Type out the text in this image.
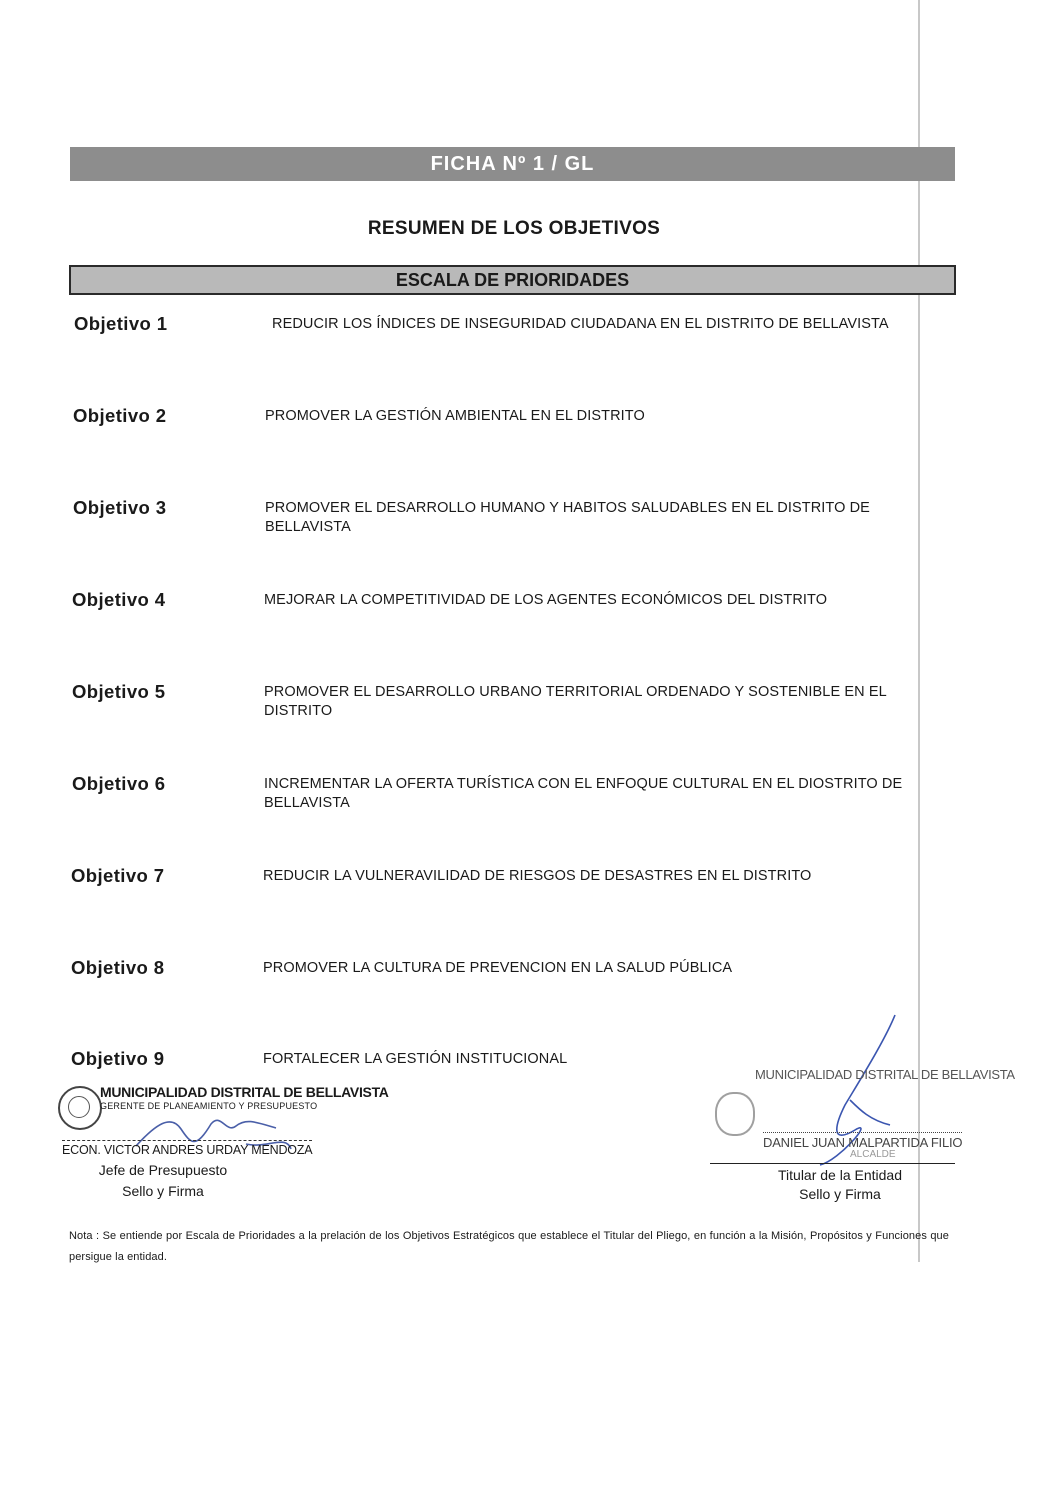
FICHA Nº 1 / GL
RESUMEN DE LOS OBJETIVOS
ESCALA DE PRIORIDADES
Objetivo 1	REDUCIR LOS ÍNDICES DE INSEGURIDAD CIUDADANA EN EL DISTRITO DE BELLAVISTA
Objetivo 2	PROMOVER LA GESTIÓN AMBIENTAL EN EL DISTRITO
Objetivo 3	PROMOVER EL DESARROLLO HUMANO Y HABITOS SALUDABLES EN EL DISTRITO DE BELLAVISTA
Objetivo 4	MEJORAR LA COMPETITIVIDAD DE LOS AGENTES ECONÓMICOS DEL DISTRITO
Objetivo 5	PROMOVER EL DESARROLLO URBANO TERRITORIAL ORDENADO Y SOSTENIBLE EN EL DISTRITO
Objetivo 6	INCREMENTAR LA OFERTA TURÍSTICA CON EL ENFOQUE CULTURAL EN EL DIOSTRITO DE BELLAVISTA
Objetivo 7	REDUCIR LA VULNERAVILIDAD DE RIESGOS DE DESASTRES EN EL DISTRITO
Objetivo 8	PROMOVER LA CULTURA DE PREVENCION EN LA SALUD PÚBLICA
Objetivo 9	FORTALECER LA GESTIÓN INSTITUCIONAL
MUNICIPALIDAD DISTRITAL DE BELLAVISTA
GERENTE DE PLANEAMIENTO Y PRESUPUESTO
ECON. VICTOR ANDRES URDAY MENDOZA
Jefe de Presupuesto
Sello y Firma
MUNICIPALIDAD DISTRITAL DE BELLAVISTA
DANIEL JUAN MALPARTIDA FILIO
ALCALDE
Titular de la Entidad
Sello y Firma
Nota : Se entiende por Escala de Prioridades a la prelación de los Objetivos Estratégicos que establece el Titular del Pliego, en función a la Misión, Propósitos y Funciones que persigue la entidad.
